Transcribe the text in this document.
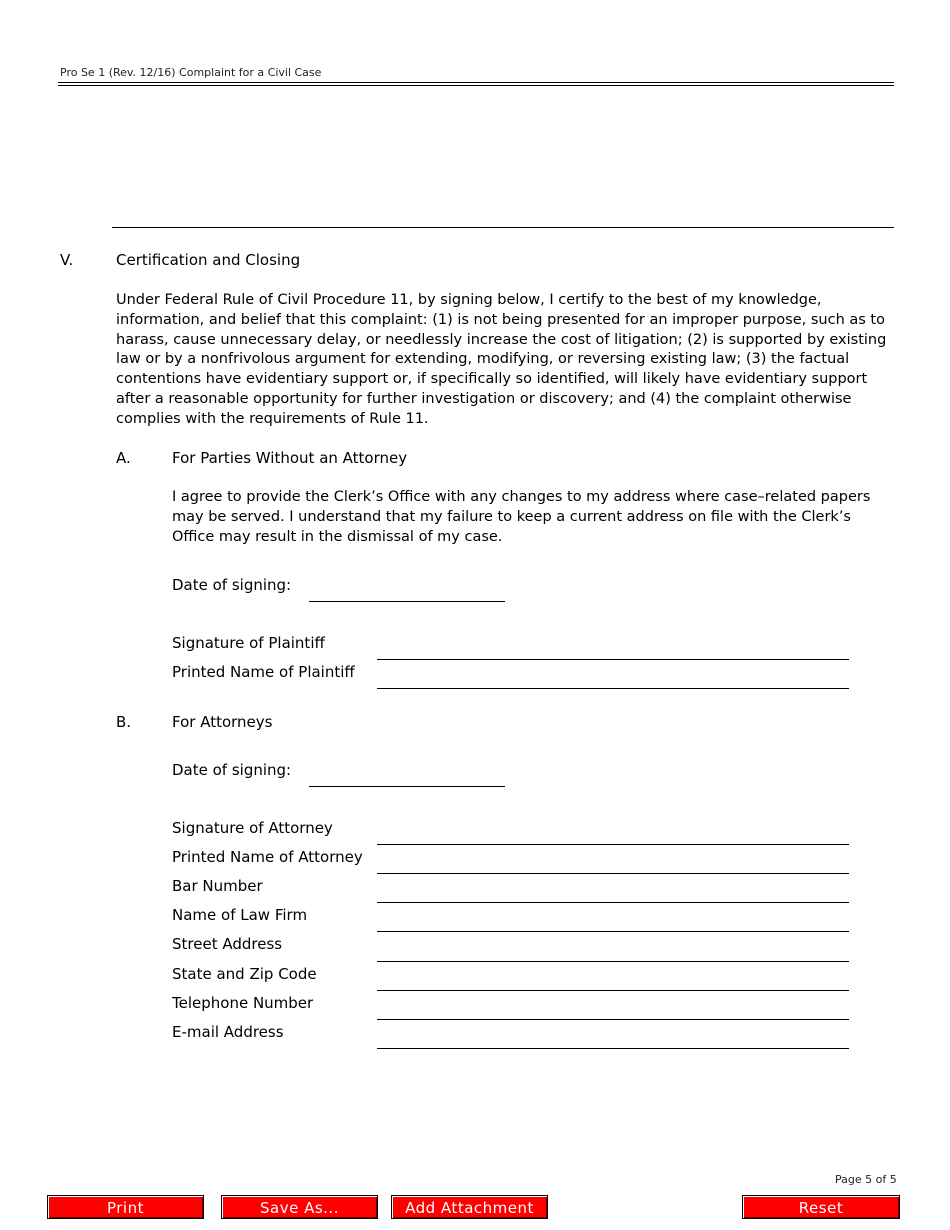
Pro Se 1 (Rev. 12/16) Complaint for a Civil Case
V.	Certification and Closing
Under Federal Rule of Civil Procedure 11, by signing below, I certify to the best of my knowledge, information, and belief that this complaint: (1) is not being presented for an improper purpose, such as to harass, cause unnecessary delay, or needlessly increase the cost of litigation; (2) is supported by existing law or by a nonfrivolous argument for extending, modifying, or reversing existing law; (3) the factual contentions have evidentiary support or, if specifically so identified, will likely have evidentiary support after a reasonable opportunity for further investigation or discovery; and (4) the complaint otherwise complies with the requirements of Rule 11.
A.	For Parties Without an Attorney
I agree to provide the Clerk’s Office with any changes to my address where case–related papers may be served. I understand that my failure to keep a current address on file with the Clerk’s Office may result in the dismissal of my case.
Date of signing:
Signature of Plaintiff
Printed Name of Plaintiff
B.	For Attorneys
Date of signing:
Signature of Attorney
Printed Name of Attorney
Bar Number
Name of Law Firm
Street Address
State and Zip Code
Telephone Number
E-mail Address
Page 5 of 5
Print	Save As...	Add Attachment	Reset
